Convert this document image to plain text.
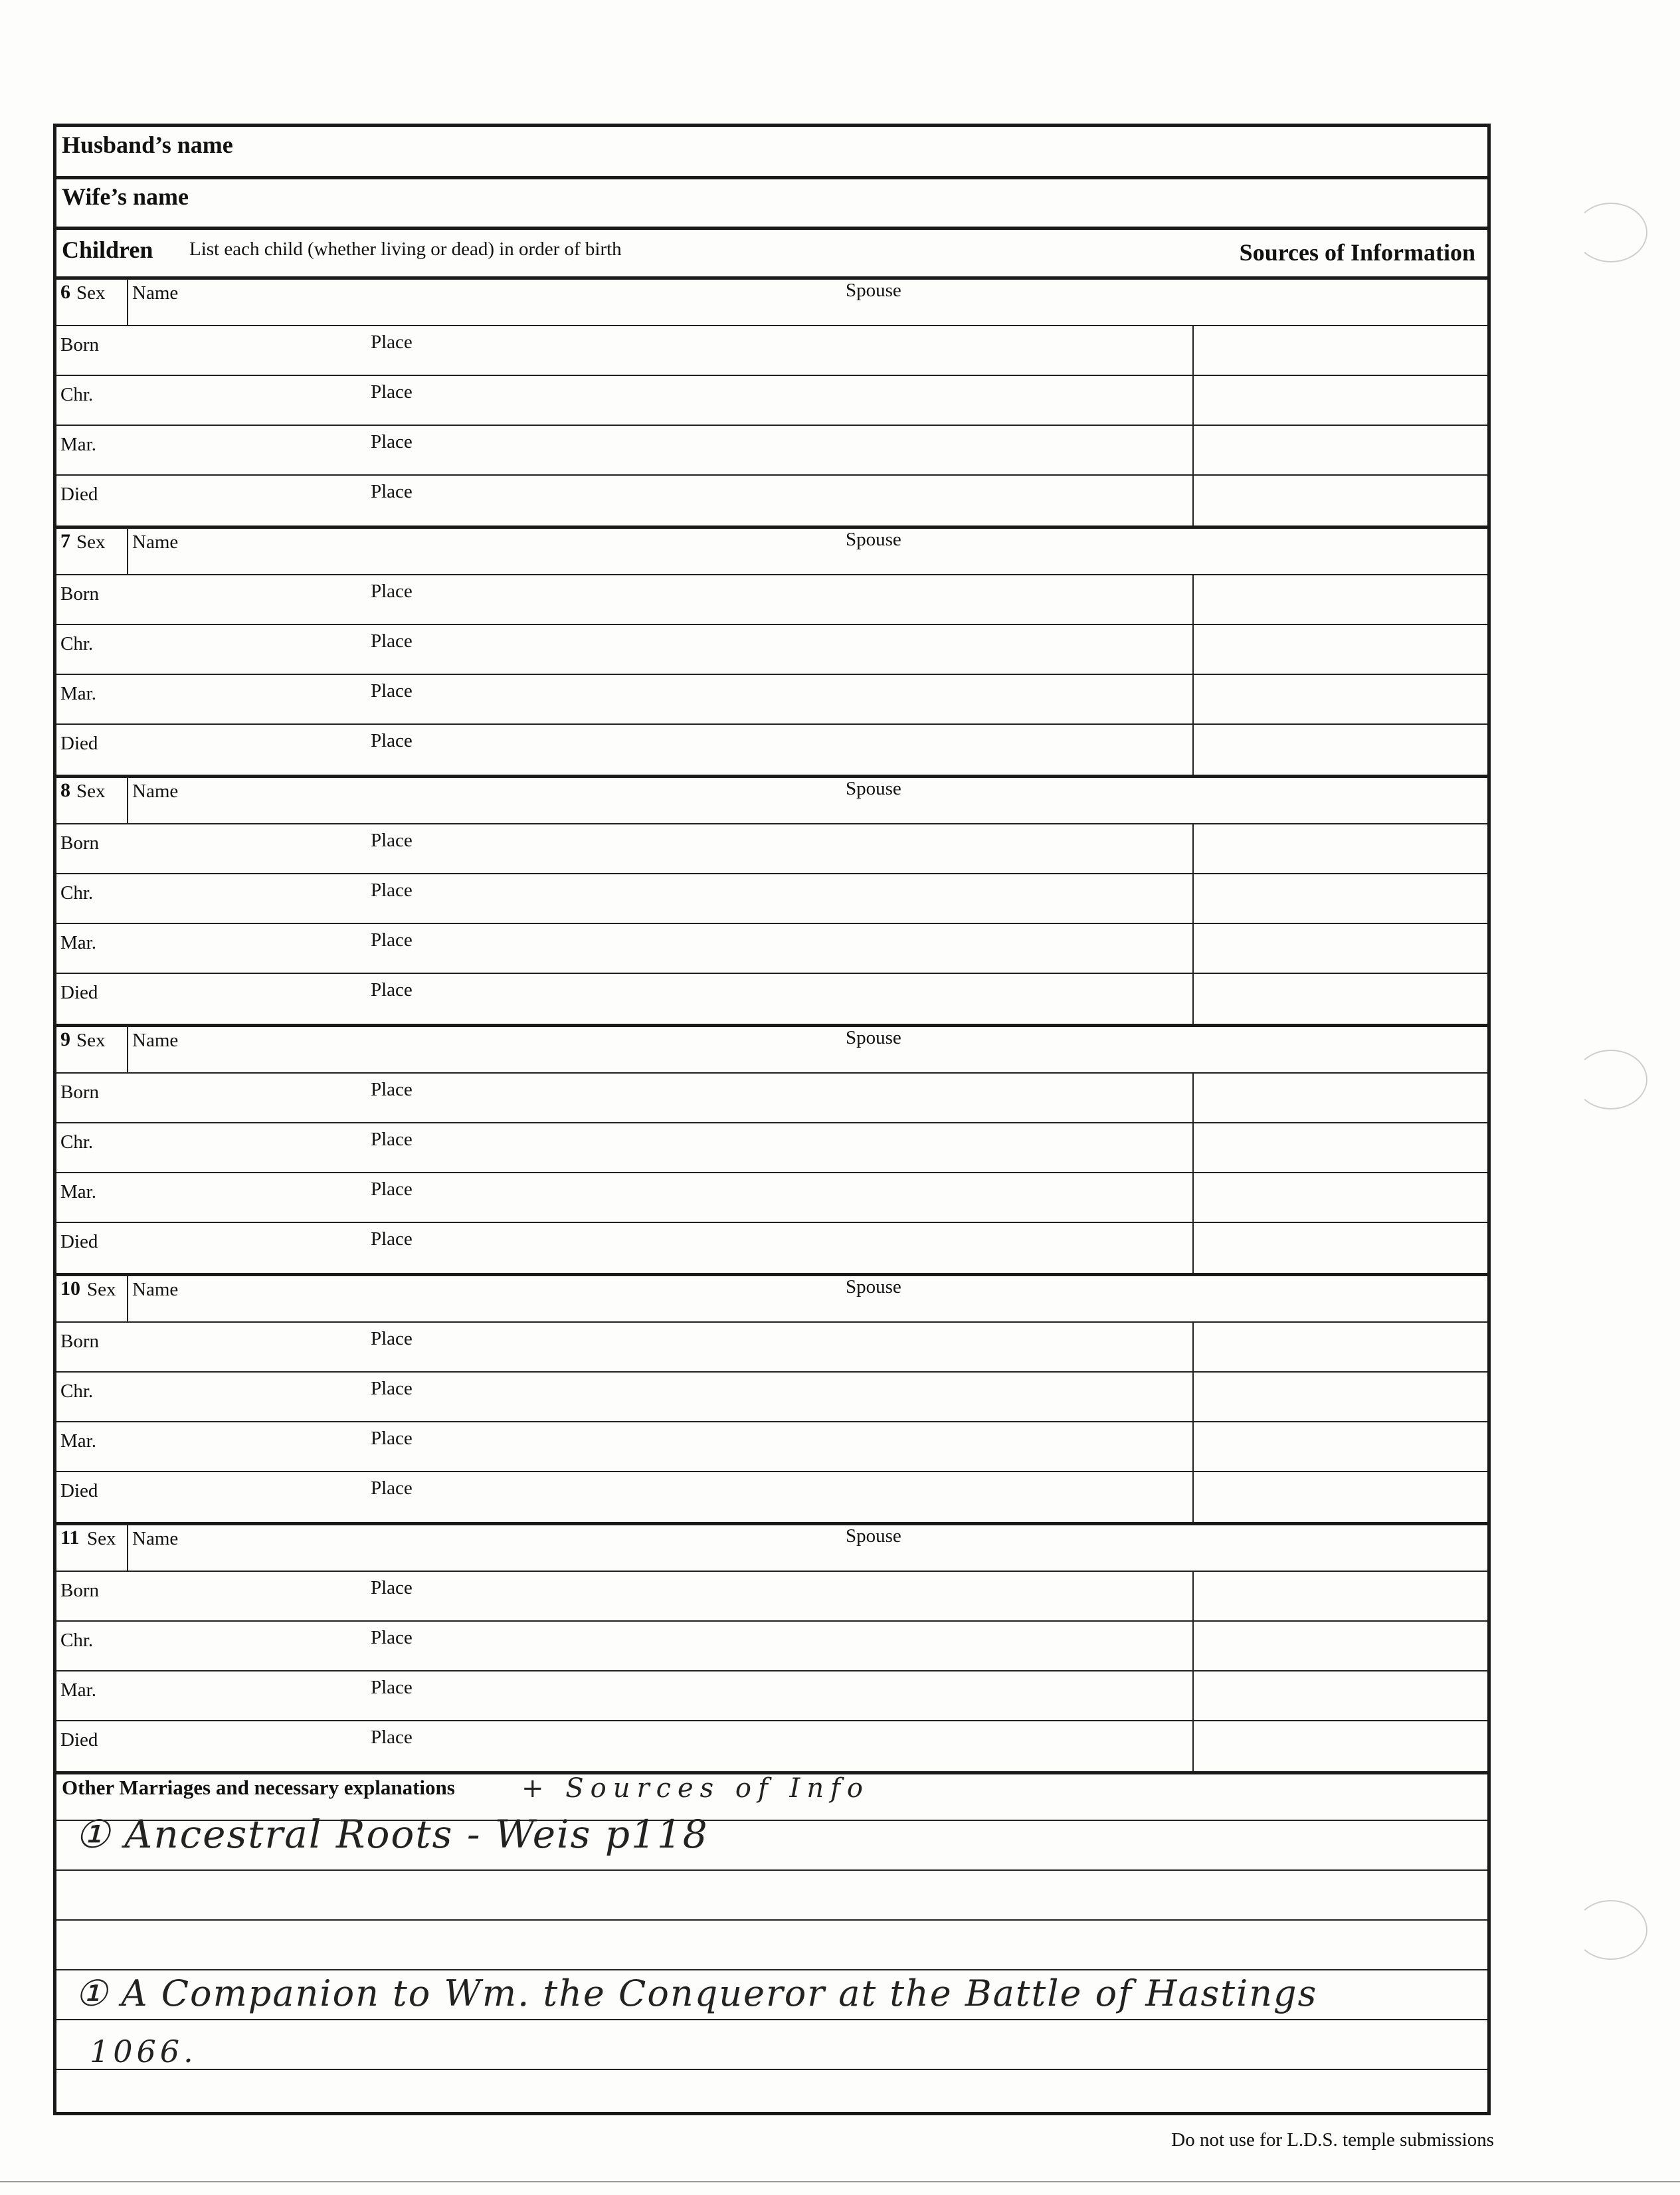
Husband’s name
Wife’s name
Children List each child (whether living or dead) in order of birth	Sources of Information
6 Sex Name	Spouse
Born	Place
Chr.	Place
Mar.	Place
Died	Place
7 Sex Name	Spouse
Born	Place
Chr.	Place
Mar.	Place
Died	Place
8 Sex Name	Spouse
Born	Place
Chr.	Place
Mar.	Place
Died	Place
9 Sex Name	Spouse
Born	Place
Chr.	Place
Mar.	Place
Died	Place
10 Sex Name	Spouse
Born	Place
Chr.	Place
Mar.	Place
Died	Place
11 Sex Name	Spouse
Born	Place
Chr.	Place
Mar.	Place
Died	Place
Other Marriages and necessary explanations	+ Sources of Info
① Ancestral Roots - Weis p118
① A Companion to Wm. the Conqueror at the Battle of Hastings
1066.
Do not use for L.D.S. temple submissions
